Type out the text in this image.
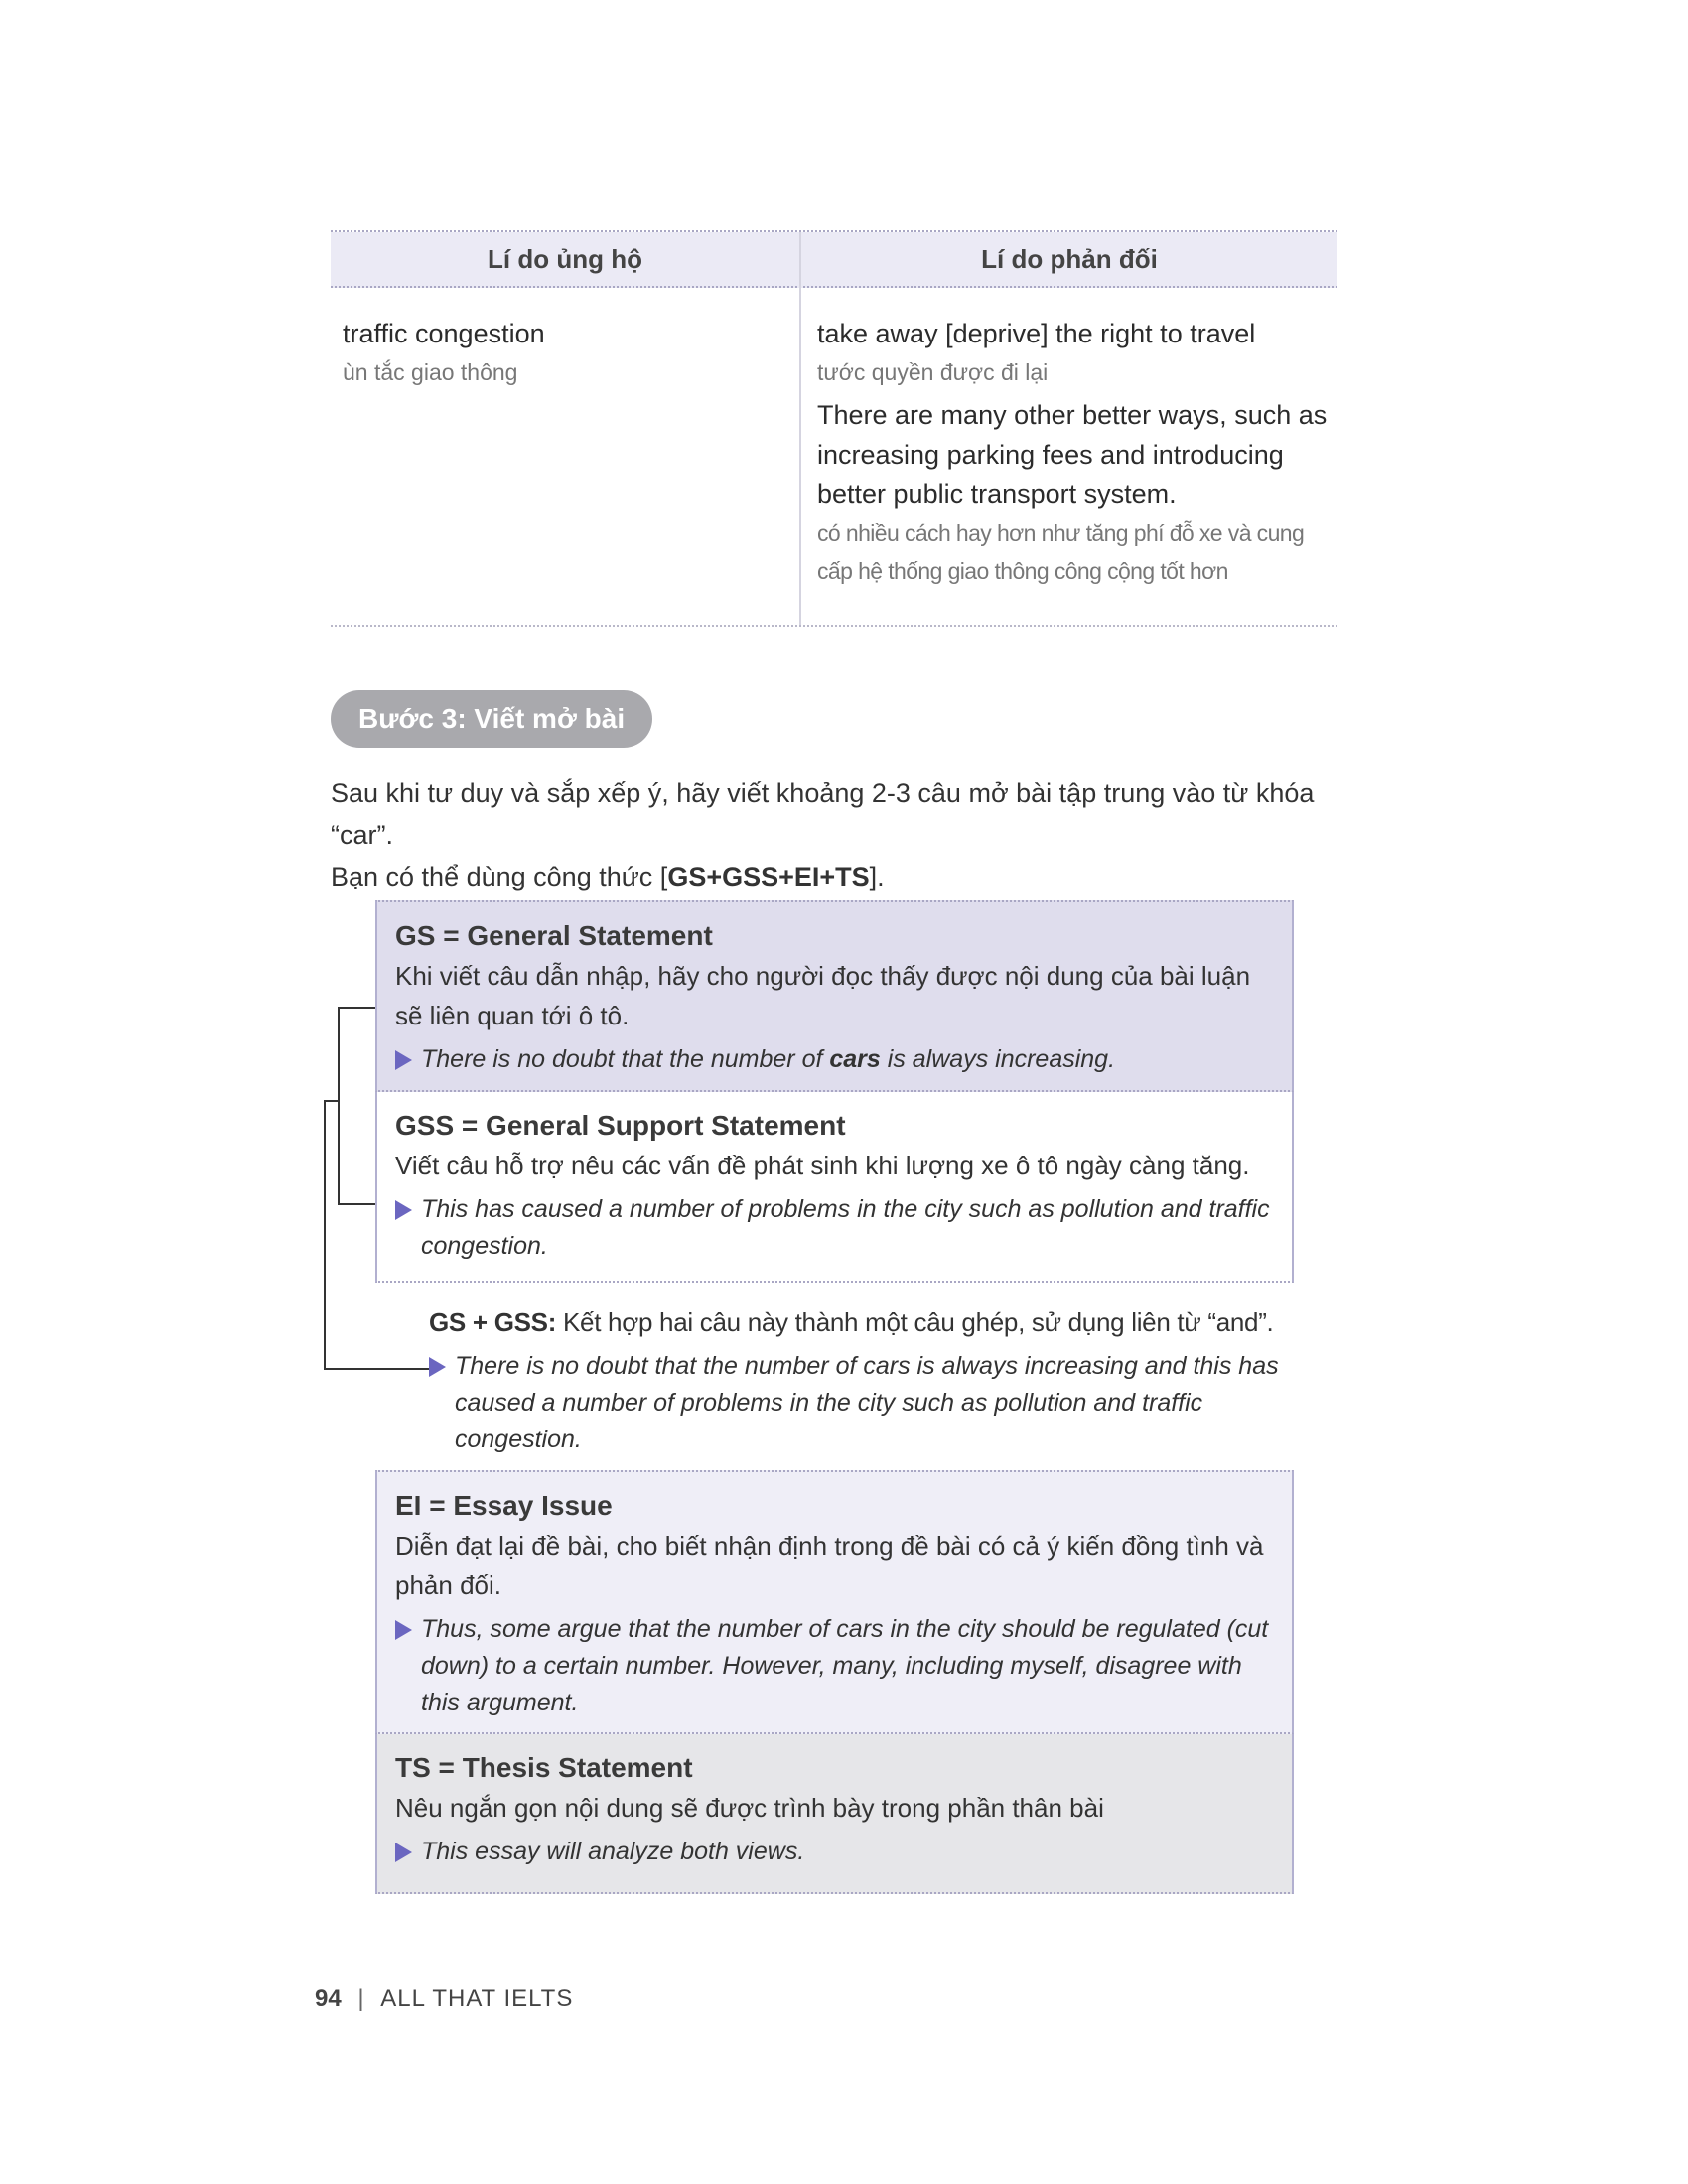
Lí do ủng hộ	Lí do phản đối
traffic congestion
ùn tắc giao thông
take away [deprive] the right to travel
tước quyền được đi lại
There are many other better ways, such as increasing parking fees and introducing better public transport system.
có nhiều cách hay hơn như tăng phí đỗ xe và cung cấp hệ thống giao thông công cộng tốt hơn
Bước 3: Viết mở bài
Sau khi tư duy và sắp xếp ý, hãy viết khoảng 2-3 câu mở bài tập trung vào từ khóa “car”.
Bạn có thể dùng công thức [GS+GSS+EI+TS].
GS = General Statement
Khi viết câu dẫn nhập, hãy cho người đọc thấy được nội dung của bài luận sẽ liên quan tới ô tô.
There is no doubt that the number of cars is always increasing.
GSS = General Support Statement
Viết câu hỗ trợ nêu các vấn đề phát sinh khi lượng xe ô tô ngày càng tăng.
This has caused a number of problems in the city such as pollution and traffic congestion.
GS + GSS: Kết hợp hai câu này thành một câu ghép, sử dụng liên từ “and”.
There is no doubt that the number of cars is always increasing and this has caused a number of problems in the city such as pollution and traffic congestion.
EI = Essay Issue
Diễn đạt lại đề bài, cho biết nhận định trong đề bài có cả ý kiến đồng tình và phản đối.
Thus, some argue that the number of cars in the city should be regulated (cut down) to a certain number. However, many, including myself, disagree with this argument.
TS = Thesis Statement
Nêu ngắn gọn nội dung sẽ được trình bày trong phần thân bài
This essay will analyze both views.
94 | ALL THAT IELTS
